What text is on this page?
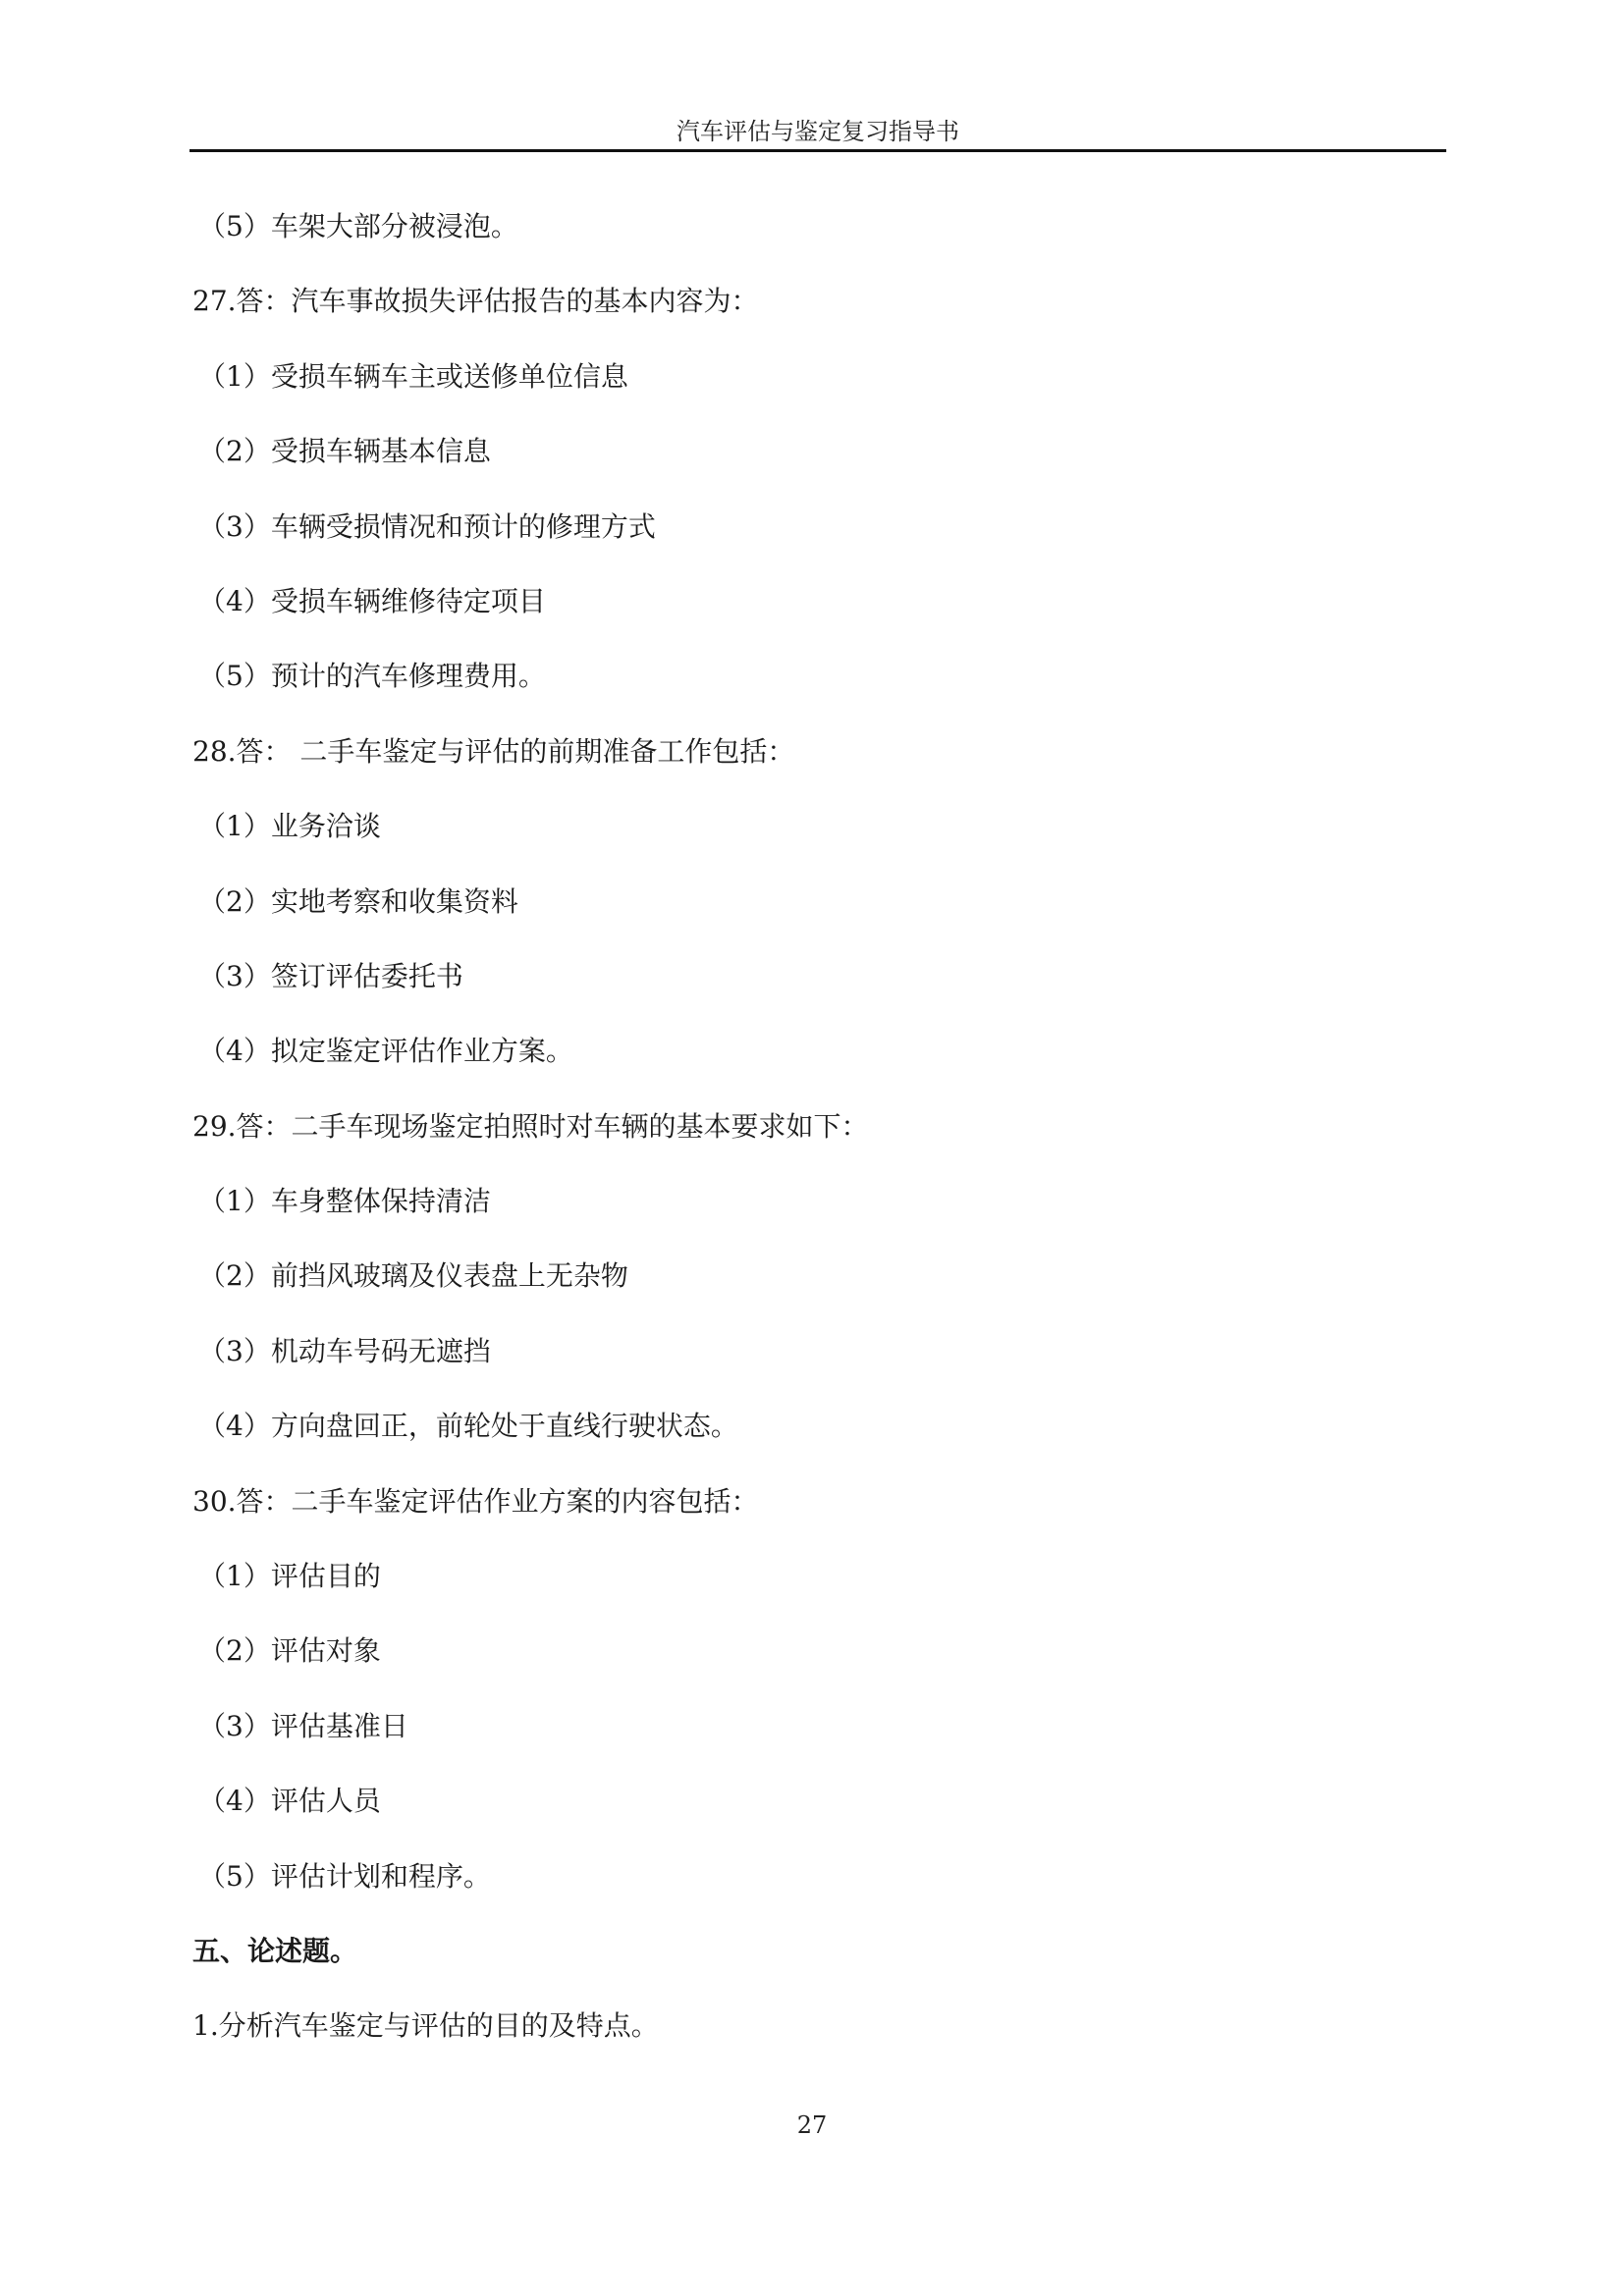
汽车评估与鉴定复习指导书
（5）车架大部分被浸泡。
27.答：汽车事故损失评估报告的基本内容为：
（1）受损车辆车主或送修单位信息
（2）受损车辆基本信息
（3）车辆受损情况和预计的修理方式
（4）受损车辆维修待定项目
（5）预计的汽车修理费用。
28.答： 二手车鉴定与评估的前期准备工作包括：
（1）业务洽谈
（2）实地考察和收集资料
（3）签订评估委托书
（4）拟定鉴定评估作业方案。
29.答：二手车现场鉴定拍照时对车辆的基本要求如下：
（1）车身整体保持清洁
（2）前挡风玻璃及仪表盘上无杂物
（3）机动车号码无遮挡
（4）方向盘回正，前轮处于直线行驶状态。
30.答：二手车鉴定评估作业方案的内容包括：
（1）评估目的
（2）评估对象
（3）评估基准日
（4）评估人员
（5）评估计划和程序。
五、论述题。
1.分析汽车鉴定与评估的目的及特点。
27
